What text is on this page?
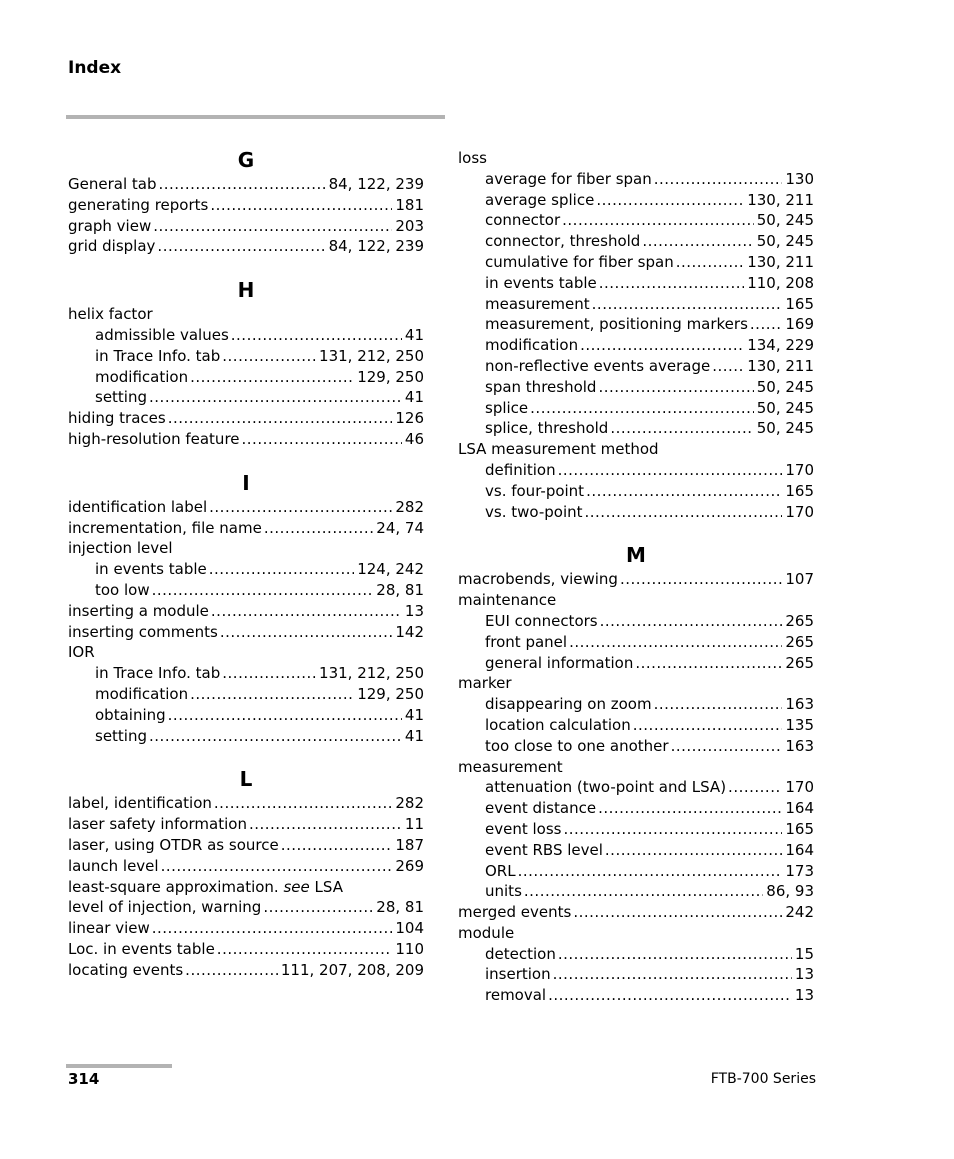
Index
G
General tab .....	84, 122, 239
generating reports .....	181
graph view .....	203
grid display .....	84, 122, 239
H
helix factor
admissible values .....	41
in Trace Info. tab .....	131, 212, 250
modification .....	129, 250
setting .....	41
hiding traces .....	126
high-resolution feature .....	46
I
identification label .....	282
incrementation, file name .....	24, 74
injection level
in events table .....	124, 242
too low .....	28, 81
inserting a module .....	13
inserting comments .....	142
IOR
in Trace Info. tab .....	131, 212, 250
modification .....	129, 250
obtaining .....	41
setting .....	41
L
label, identification .....	282
laser safety information .....	11
laser, using OTDR as source .....	187
launch level .....	269
least-square approximation. see LSA
level of injection, warning .....	28, 81
linear view .....	104
Loc. in events table .....	110
locating events .....	111, 207, 208, 209
loss
average for fiber span .....	130
average splice .....	130, 211
connector .....	50, 245
connector, threshold .....	50, 245
cumulative for fiber span .....	130, 211
in events table .....	110, 208
measurement .....	165
measurement, positioning markers ..... 169
modification .....	134, 229
non-reflective events average ..... 130, 211
span threshold .....	50, 245
splice .....	50, 245
splice, threshold .....	50, 245
LSA measurement method
definition .....	170
vs. four-point .....	165
vs. two-point .....	170
M
macrobends, viewing .....	107
maintenance
EUI connectors .....	265
front panel .....	265
general information .....	265
marker
disappearing on zoom .....	163
location calculation .....	135
too close to one another .....	163
measurement
attenuation (two-point and LSA) .....	170
event distance .....	164
event loss .....	165
event RBS level .....	164
ORL .....	173
units .....	86, 93
merged events .....	242
module
detection .....	15
insertion .....	13
removal .....	13
314	FTB-700 Series
